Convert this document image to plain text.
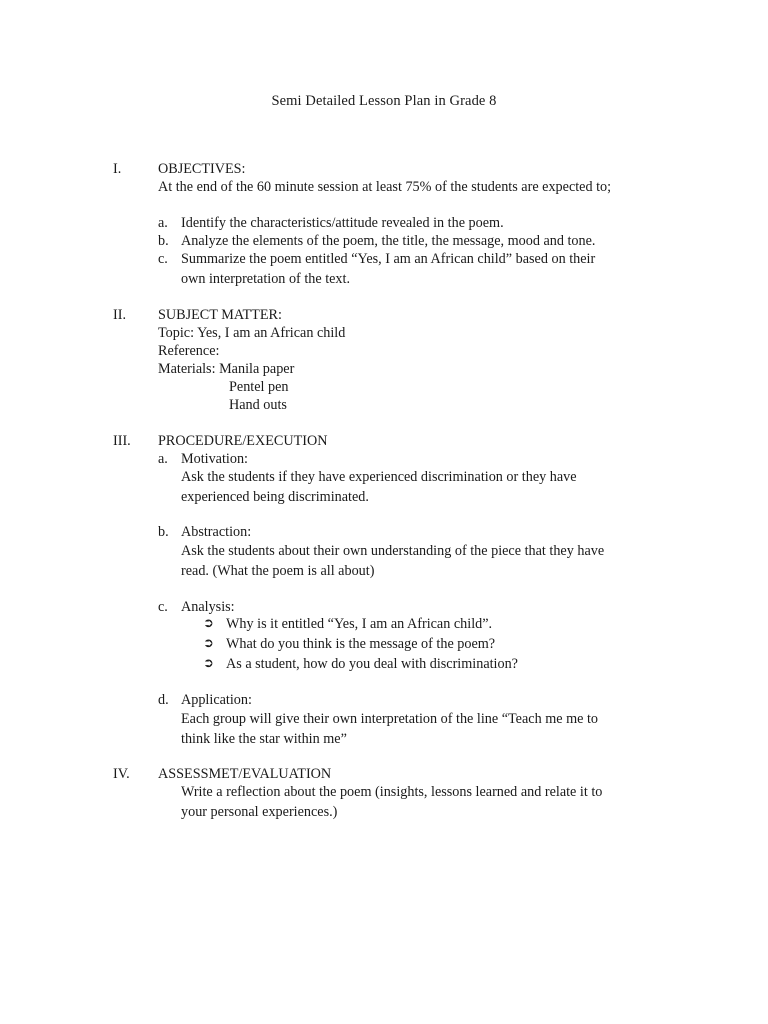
Semi Detailed Lesson Plan in Grade 8
I.	OBJECTIVES:
At the end of the 60 minute session at least 75% of the students are expected to;
a. Identify the characteristics/attitude revealed in the poem.
b. Analyze the elements of the poem, the title, the message, mood and tone.
c. Summarize the poem entitled “Yes, I am an African child” based on their
own interpretation of the text.
II. SUBJECT MATTER:
Topic: Yes, I am an African child
Reference:
Materials: Manila paper
Pentel pen
Hand outs
III. PROCEDURE/EXECUTION
a. Motivation:
Ask the students if they have experienced discrimination or they have
experienced being discriminated.
b. Abstraction:
Ask the students about their own understanding of the piece that they have
read. (What the poem is all about)
c. Analysis:
➲ Why is it entitled “Yes, I am an African child”.
➲ What do you think is the message of the poem?
➲ As a student, how do you deal with discrimination?
d. Application:
Each group will give their own interpretation of the line “Teach me me to
think like the star within me”
IV. ASSESSMET/EVALUATION
Write a reflection about the poem (insights, lessons learned and relate it to
your personal experiences.)
